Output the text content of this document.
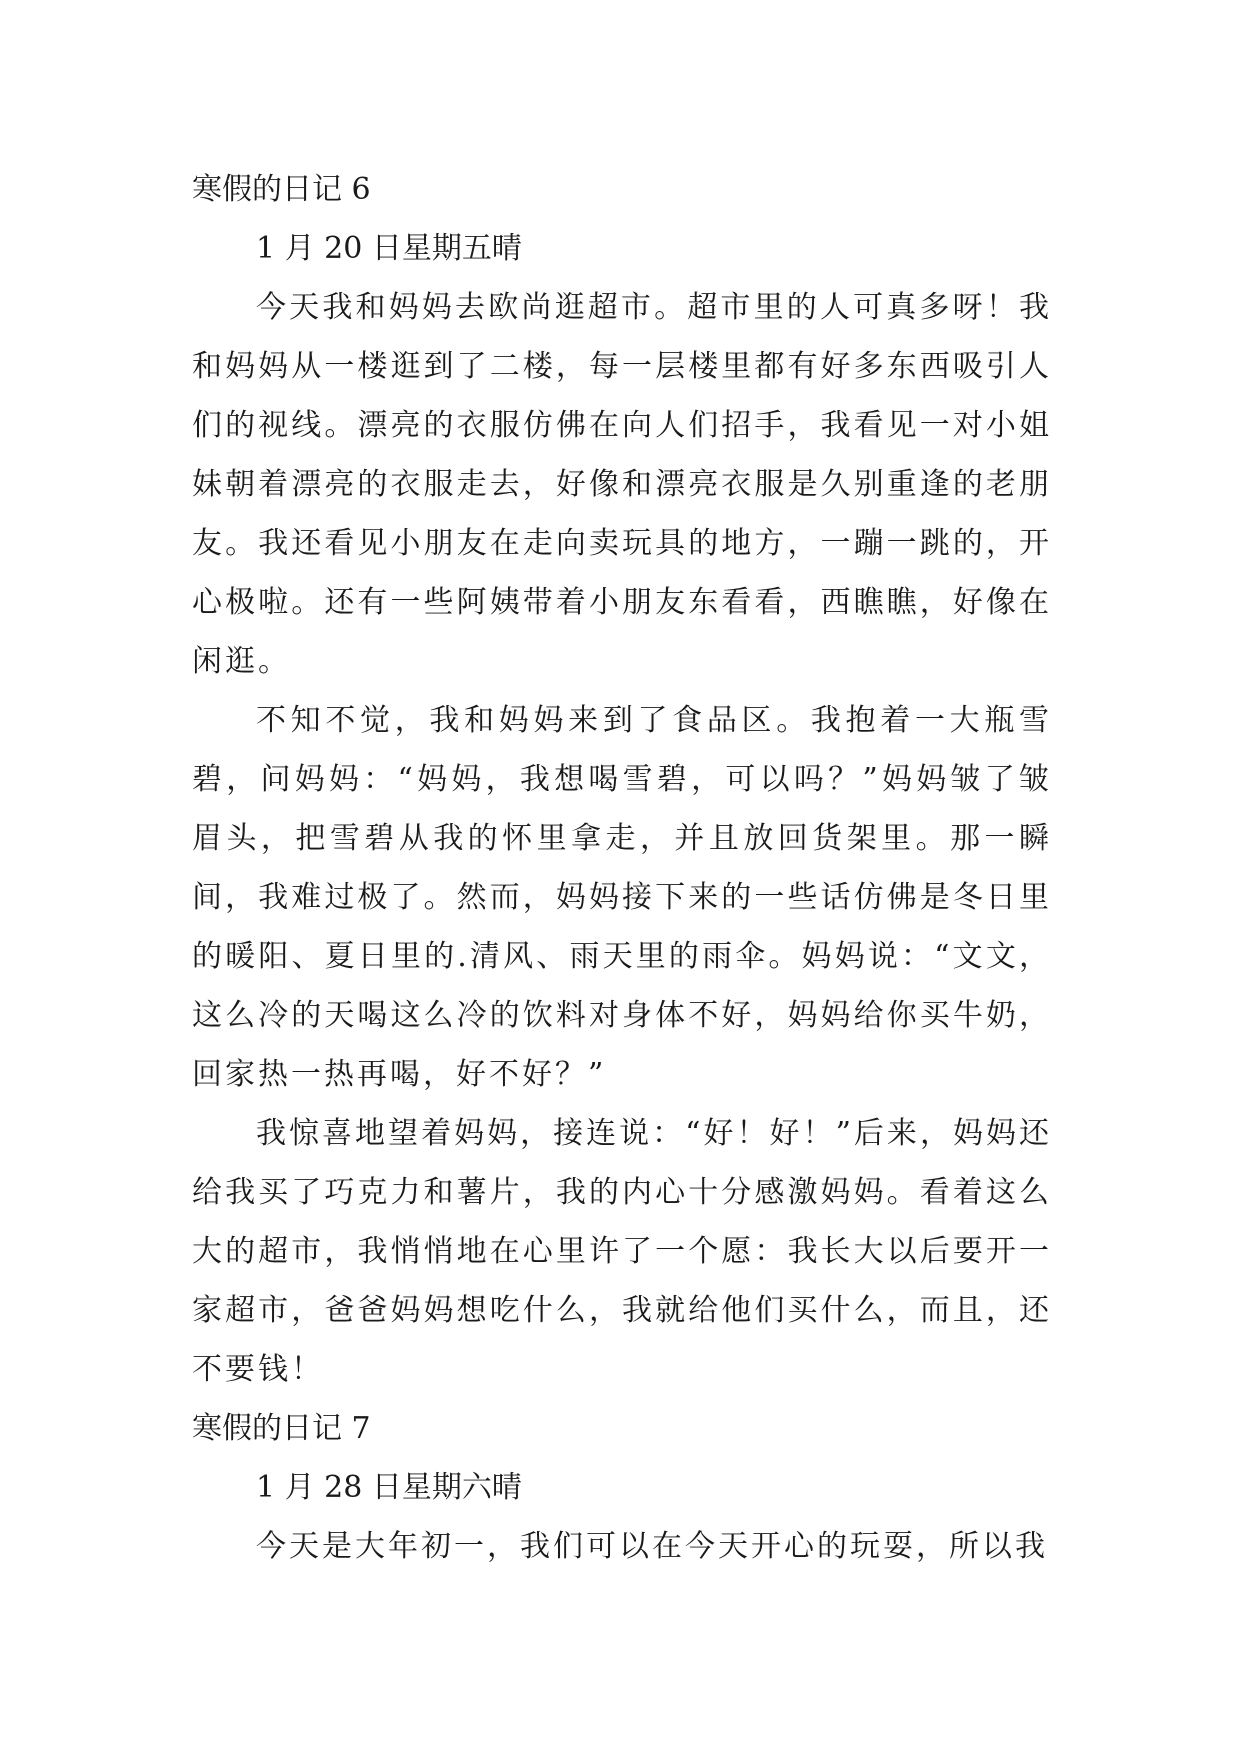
寒假的日记 6

1 月 20 日星期五晴

今天我和妈妈去欧尚逛超市。超市里的人可真多呀！我和妈妈从一楼逛到了二楼，每一层楼里都有好多东西吸引人们的视线。漂亮的衣服仿佛在向人们招手，我看见一对小姐妹朝着漂亮的衣服走去，好像和漂亮衣服是久别重逢的老朋友。我还看见小朋友在走向卖玩具的地方，一蹦一跳的，开心极啦。还有一些阿姨带着小朋友东看看，西瞧瞧，好像在闲逛。

不知不觉，我和妈妈来到了食品区。我抱着一大瓶雪碧，问妈妈：“妈妈，我想喝雪碧，可以吗？”妈妈皱了皱眉头，把雪碧从我的怀里拿走，并且放回货架里。那一瞬间，我难过极了。然而，妈妈接下来的一些话仿佛是冬日里的暖阳、夏日里的.清风、雨天里的雨伞。妈妈说：“文文，这么冷的天喝这么冷的饮料对身体不好，妈妈给你买牛奶，回家热一热再喝，好不好？”

我惊喜地望着妈妈，接连说：“好！好！”后来，妈妈还给我买了巧克力和薯片，我的内心十分感激妈妈。看着这么大的超市，我悄悄地在心里许了一个愿：我长大以后要开一家超市，爸爸妈妈想吃什么，我就给他们买什么，而且，还不要钱！

寒假的日记 7

1 月 28 日星期六晴

今天是大年初一，我们可以在今天开心的玩耍，所以我
